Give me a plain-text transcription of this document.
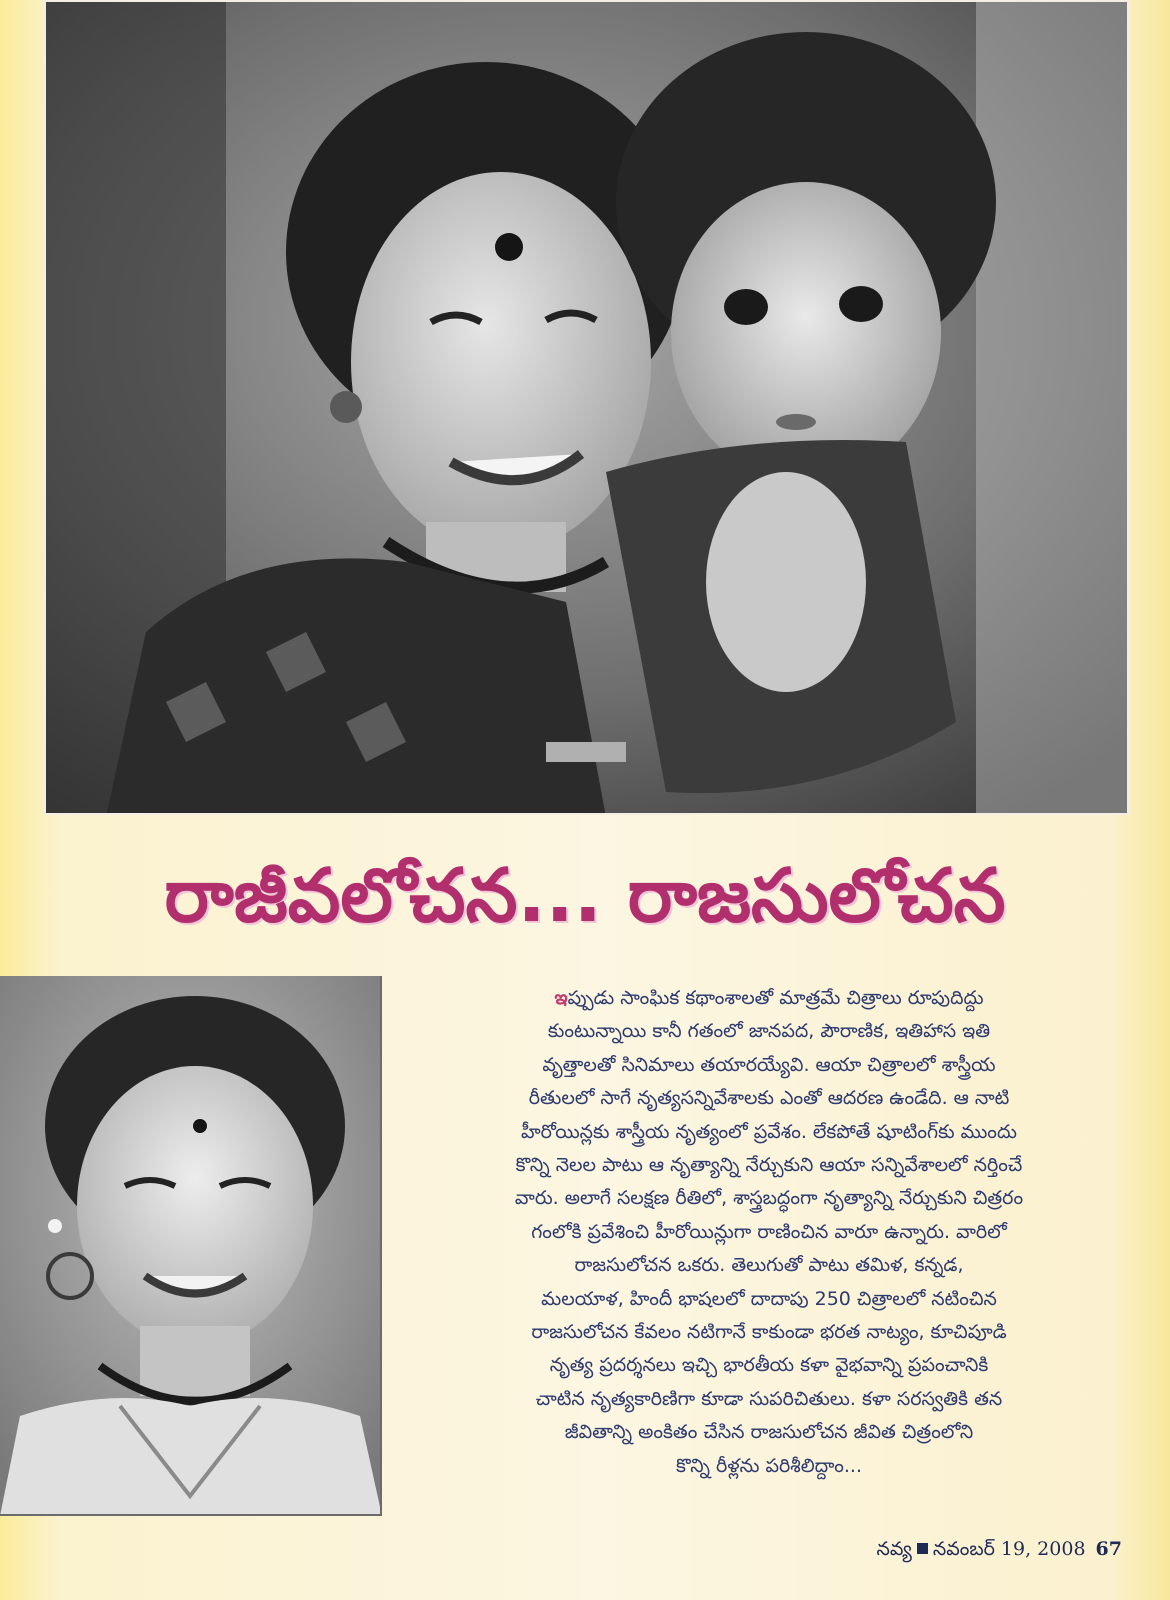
రాజీవలోచన... రాజసులోచన
ఇప్పుడు సాంఘిక కథాంశాలతో మాత్రమే చిత్రాలు రూపుదిద్దు
కుంటున్నాయి కానీ గతంలో జానపద, పౌరాణిక, ఇతిహాస ఇతి
వృత్తాలతో సినిమాలు తయారయ్యేవి. ఆయా చిత్రాలలో శాస్త్రీయ
రీతులలో సాగే నృత్యసన్నివేశాలకు ఎంతో ఆదరణ ఉండేది. ఆ నాటి
హీరోయిన్లకు శాస్త్రీయ నృత్యంలో ప్రవేశం. లేకపోతే షూటింగ్‌కు ముందు
కొన్ని నెలల పాటు ఆ నృత్యాన్ని నేర్చుకుని ఆయా సన్నివేశాలలో నర్తించే
వారు. అలాగే సలక్షణ రీతిలో, శాస్త్రబద్ధంగా నృత్యాన్ని నేర్చుకుని చిత్రరం
గంలోకి ప్రవేశించి హీరోయిన్లుగా రాణించిన వారూ ఉన్నారు. వారిలో
రాజసులోచన ఒకరు. తెలుగుతో పాటు తమిళ, కన్నడ,
మలయాళ, హిందీ భాషలలో దాదాపు 250 చిత్రాలలో నటించిన
రాజసులోచన కేవలం నటిగానే కాకుండా భరత నాట్యం, కూచిపూడి
నృత్య ప్రదర్శనలు ఇచ్చి భారతీయ కళా వైభవాన్ని ప్రపంచానికి
చాటిన నృత్యకారిణిగా కూడా సుపరిచితులు. కళా సరస్వతికి తన
జీవితాన్ని అంకితం చేసిన రాజసులోచన జీవిత చిత్రంలోని
కొన్ని రీళ్లను పరిశీలిద్దాం...
నవ్య నవంబర్ 19, 2008 67
